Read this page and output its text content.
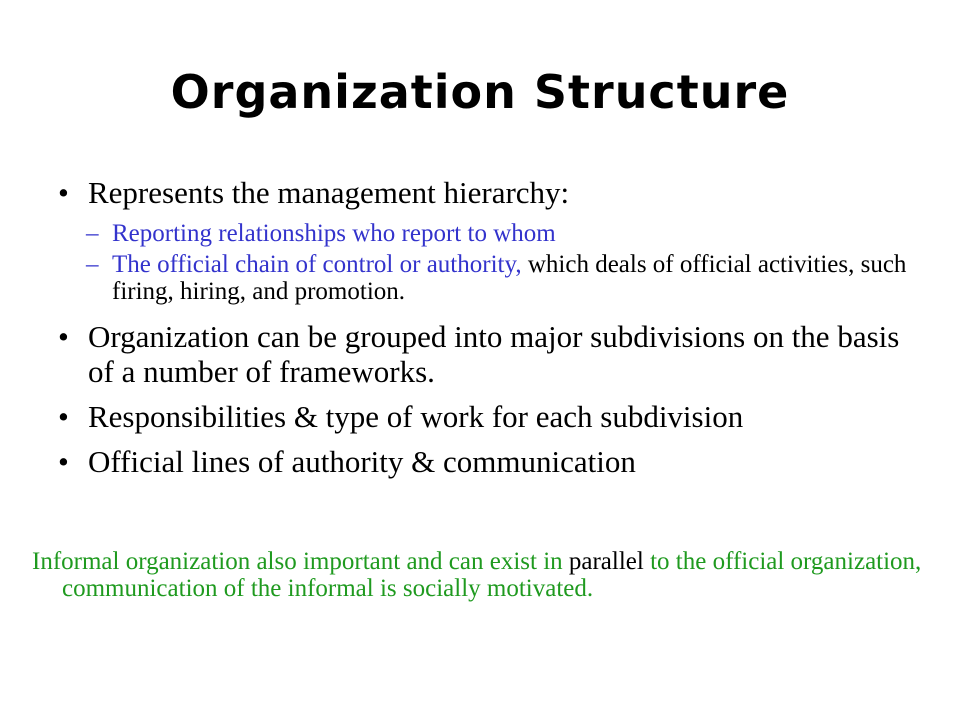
Organization Structure
• Represents the management hierarchy:
– Reporting relationships who report to whom
– The official chain of control or authority, which deals of official activities, such firing, hiring, and promotion.
• Organization can be grouped into major subdivisions on the basis of a number of frameworks.
• Responsibilities & type of work for each subdivision
• Official lines of authority & communication
Informal organization also important and can exist in parallel to the official organization, communication of the informal is socially motivated.
